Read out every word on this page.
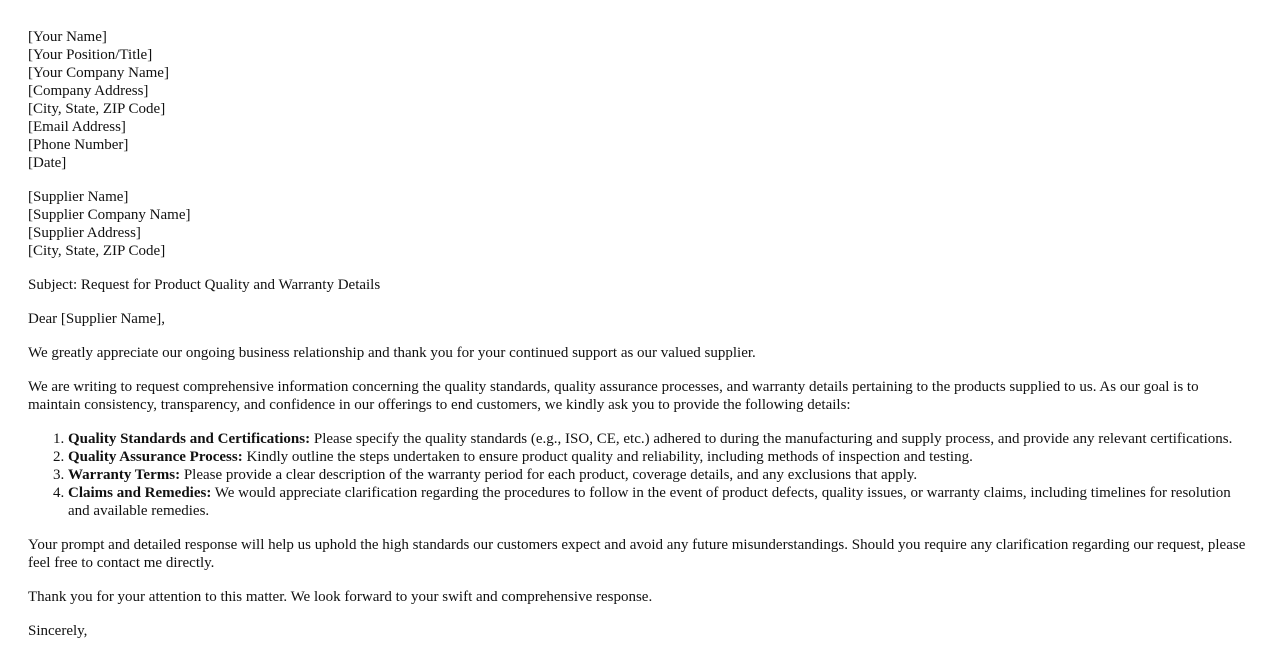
[Your Name]
[Your Position/Title]
[Your Company Name]
[Company Address]
[City, State, ZIP Code]
[Email Address]
[Phone Number]
[Date]
[Supplier Name]
[Supplier Company Name]
[Supplier Address]
[City, State, ZIP Code]

Subject: Request for Product Quality and Warranty Details

Dear [Supplier Name],

We greatly appreciate our ongoing business relationship and thank you for your continued support as our valued supplier.

We are writing to request comprehensive information concerning the quality standards, quality assurance processes, and warranty details pertaining to the products supplied to us. As our goal is to maintain consistency, transparency, and confidence in our offerings to end customers, we kindly ask you to provide the following details:

1. Quality Standards and Certifications: Please specify the quality standards (e.g., ISO, CE, etc.) adhered to during the manufacturing and supply process, and provide any relevant certifications.
2. Quality Assurance Process: Kindly outline the steps undertaken to ensure product quality and reliability, including methods of inspection and testing.
3. Warranty Terms: Please provide a clear description of the warranty period for each product, coverage details, and any exclusions that apply.
4. Claims and Remedies: We would appreciate clarification regarding the procedures to follow in the event of product defects, quality issues, or warranty claims, including timelines for resolution and available remedies.

Your prompt and detailed response will help us uphold the high standards our customers expect and avoid any future misunderstandings. Should you require any clarification regarding our request, please feel free to contact me directly.

Thank you for your attention to this matter. We look forward to your swift and comprehensive response.

Sincerely,
